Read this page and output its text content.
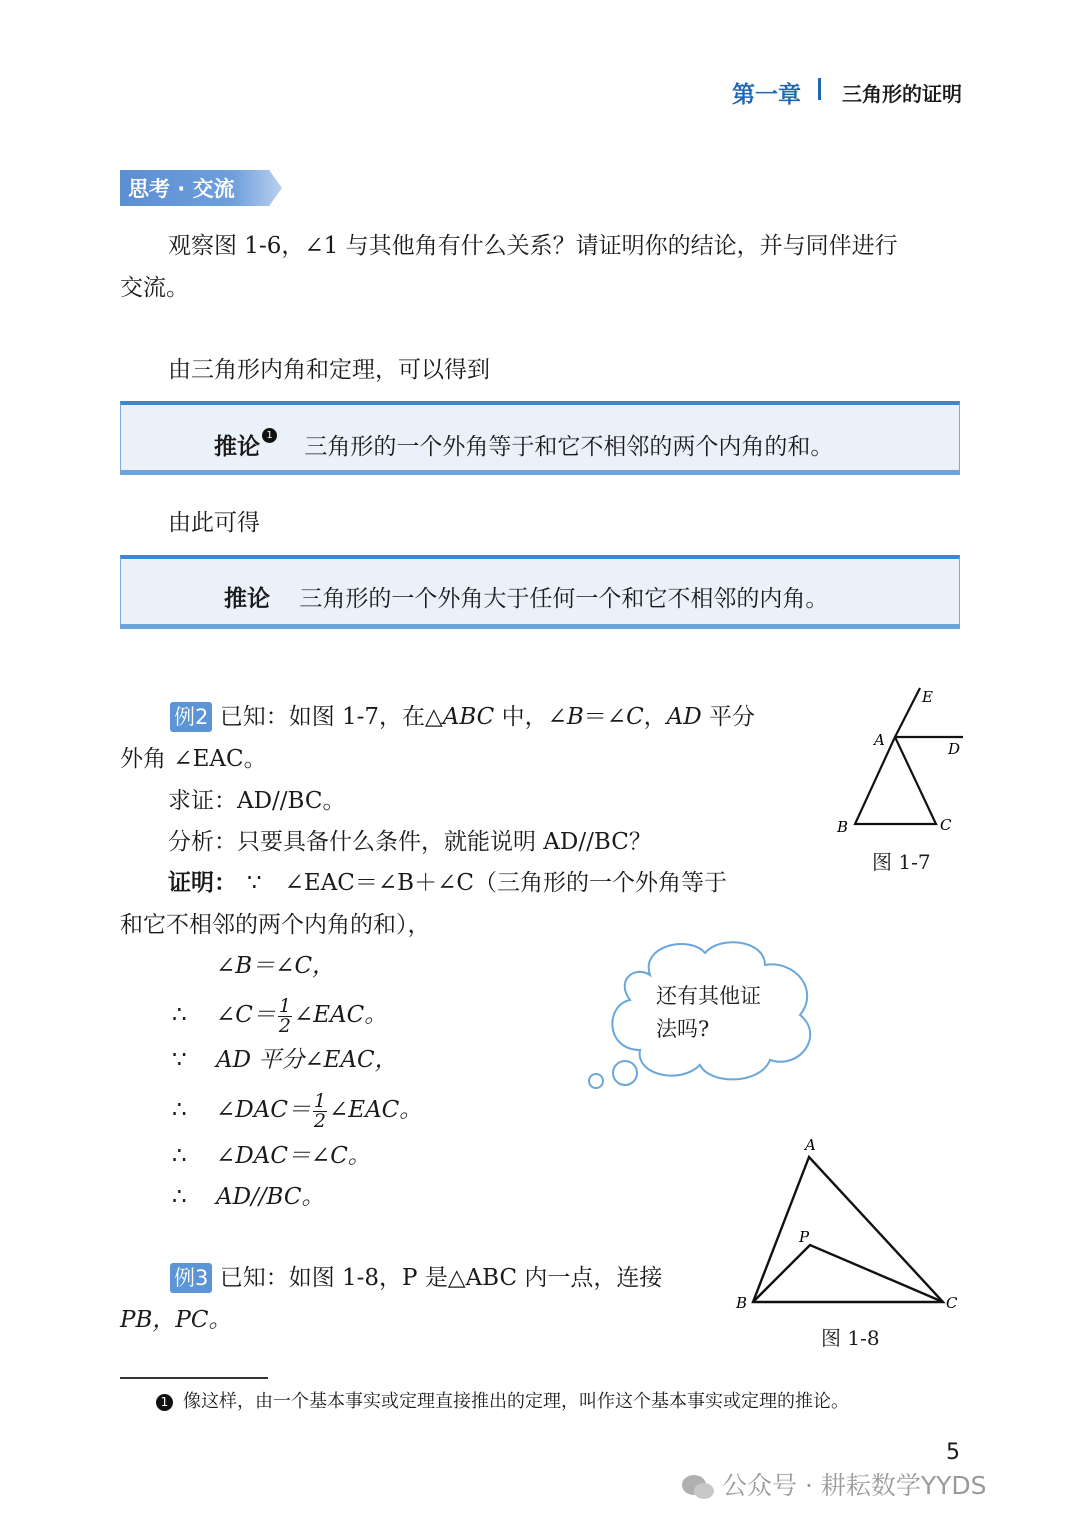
第一章 三角形的证明
思考 · 交流
观察图 1-6，∠1 与其他角有什么关系？请证明你的结论，并与同伴进行
交流。
由三角形内角和定理，可以得到
推论 1 三角形的一个外角等于和它不相邻的两个内角的和。
由此可得
推论 三角形的一个外角大于任何一个和它不相邻的内角。
例2 已知：如图 1-7，在△ABC 中，∠B＝∠C，AD 平分
外角 ∠EAC。
求证：AD//BC。
分析：只要具备什么条件，就能说明 AD//BC？
证明： ∵　∠EAC＝∠B＋∠C（三角形的一个外角等于
和它不相邻的两个内角的和），
∠B＝∠C，
∴ ∠C＝ $\frac{1}{2}$ ∠EAC。
∵ AD 平分∠EAC，
∴ ∠DAC＝ $\frac{1}{2}$ ∠EAC。
∴ ∠DAC＝∠C。
∴ AD//BC。
还有其他证
法吗?
A
E
D
B	C
图 1-7
例3 已知：如图 1-8，P 是△ABC 内一点，连接
PB，PC。
A
P
B	C
图 1-8
1 像这样，由一个基本事实或定理直接推出的定理，叫作这个基本事实或定理的推论。
5
公众号 · 耕耘数学YYDS
